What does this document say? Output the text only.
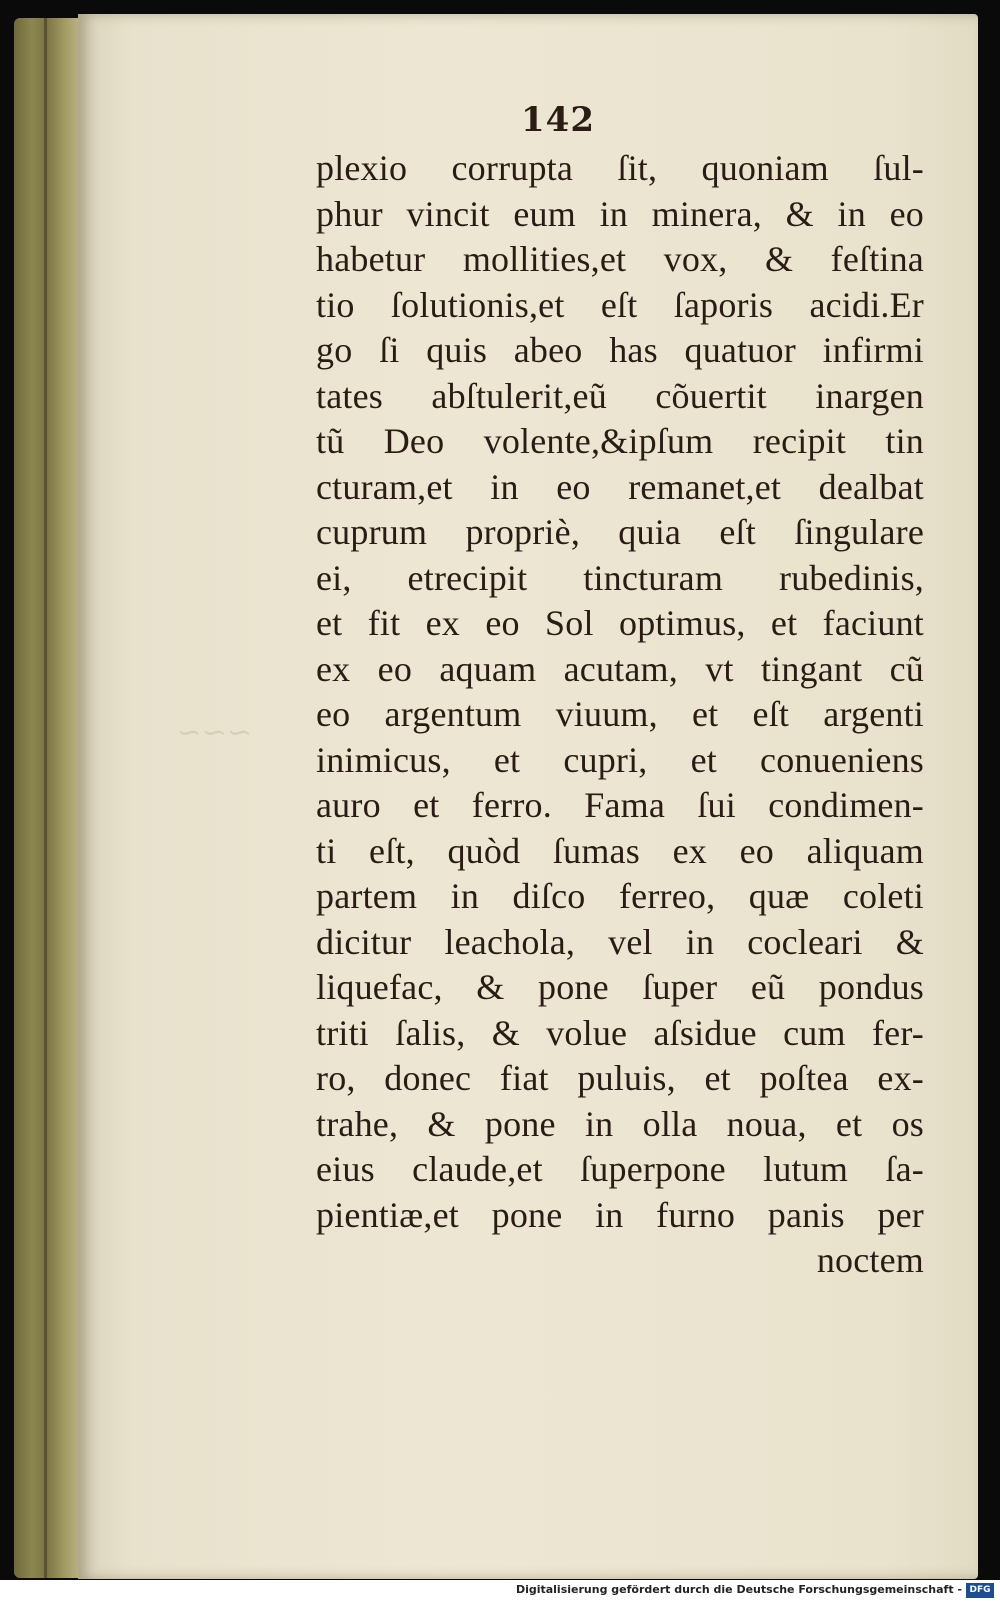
~~~
142
plexio corrupta ſit, quoniam ſul-
phur vincit eum in minera, & in eo
habetur mollities,et vox, & feſtina
tio ſolutionis,et eſt ſaporis acidi.Er
go ſi quis abeo has quatuor infirmi
tates abſtulerit,eũ cõuertit inargen
tũ Deo volente,&ipſum recipit tin
cturam,et in eo remanet,et dealbat
cuprum propriè, quia eſt ſingulare
ei, etrecipit tincturam rubedinis,
et fit ex eo Sol optimus, et faciunt
ex eo aquam acutam, vt tingant cũ
eo argentum viuum, et eſt argenti
inimicus, et cupri, et conueniens
auro et ferro. Fama ſui condimen-
ti eſt, quòd ſumas ex eo aliquam
partem in diſco ferreo, quæ coleti
dicitur leachola, vel in cocleari &
liquefac, & pone ſuper eũ pondus
triti ſalis, & volue aſsidue cum fer-
ro, donec fiat puluis, et poſtea ex-
trahe, & pone in olla noua, et os
eius claude,et ſuperpone lutum ſa-
pientiæ,et pone in furno panis per
noctem
Digitalisierung gefördert durch die Deutsche Forschungsgemeinschaft - DFG
